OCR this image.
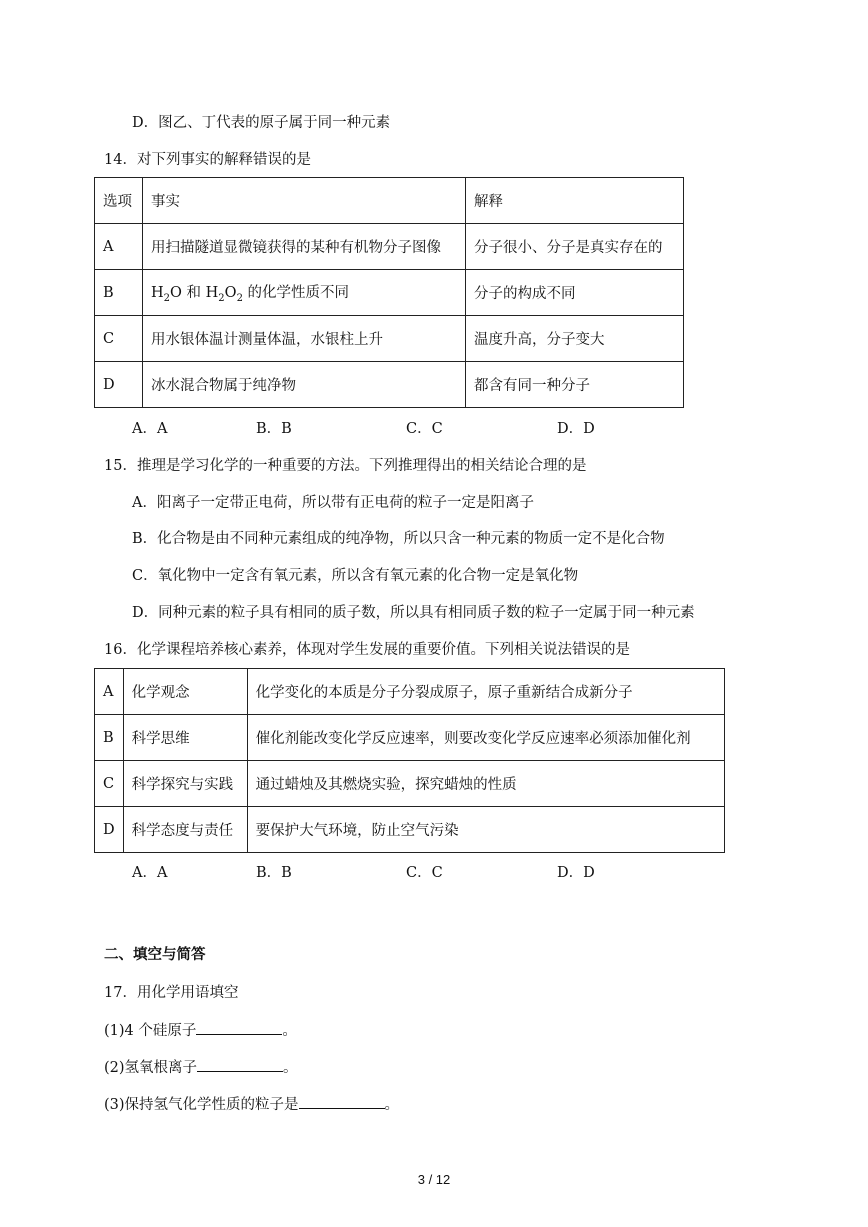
D．图乙、丁代表的原子属于同一种元素
14．对下列事实的解释错误的是
选项	事实	解释
A	用扫描隧道显微镜获得的某种有机物分子图像	分子很小、分子是真实存在的
B	$H_2O$ 和 $H_2O_2$ 的化学性质不同	分子的构成不同
C	用水银体温计测量体温，水银柱上升	温度升高，分子变大
D	冰水混合物属于纯净物	都含有同一种分子
A．A	B．B	C．C	D．D
15．推理是学习化学的一种重要的方法。下列推理得出的相关结论合理的是
A．阳离子一定带正电荷，所以带有正电荷的粒子一定是阳离子
B．化合物是由不同种元素组成的纯净物，所以只含一种元素的物质一定不是化合物
C．氧化物中一定含有氧元素，所以含有氧元素的化合物一定是氧化物
D．同种元素的粒子具有相同的质子数，所以具有相同质子数的粒子一定属于同一种元素
16．化学课程培养核心素养，体现对学生发展的重要价值。下列相关说法错误的是
A	化学观念	化学变化的本质是分子分裂成原子，原子重新结合成新分子
B	科学思维	催化剂能改变化学反应速率，则要改变化学反应速率必须添加催化剂
C	科学探究与实践	通过蜡烛及其燃烧实验，探究蜡烛的性质
D	科学态度与责任	要保护大气环境，防止空气污染
A．A	B．B	C．C	D．D
二、填空与简答
17．用化学用语填空
(1)4 个硅原子	。
(2)氢氧根离子	。
(3)保持氢气化学性质的粒子是	。
3 / 12
